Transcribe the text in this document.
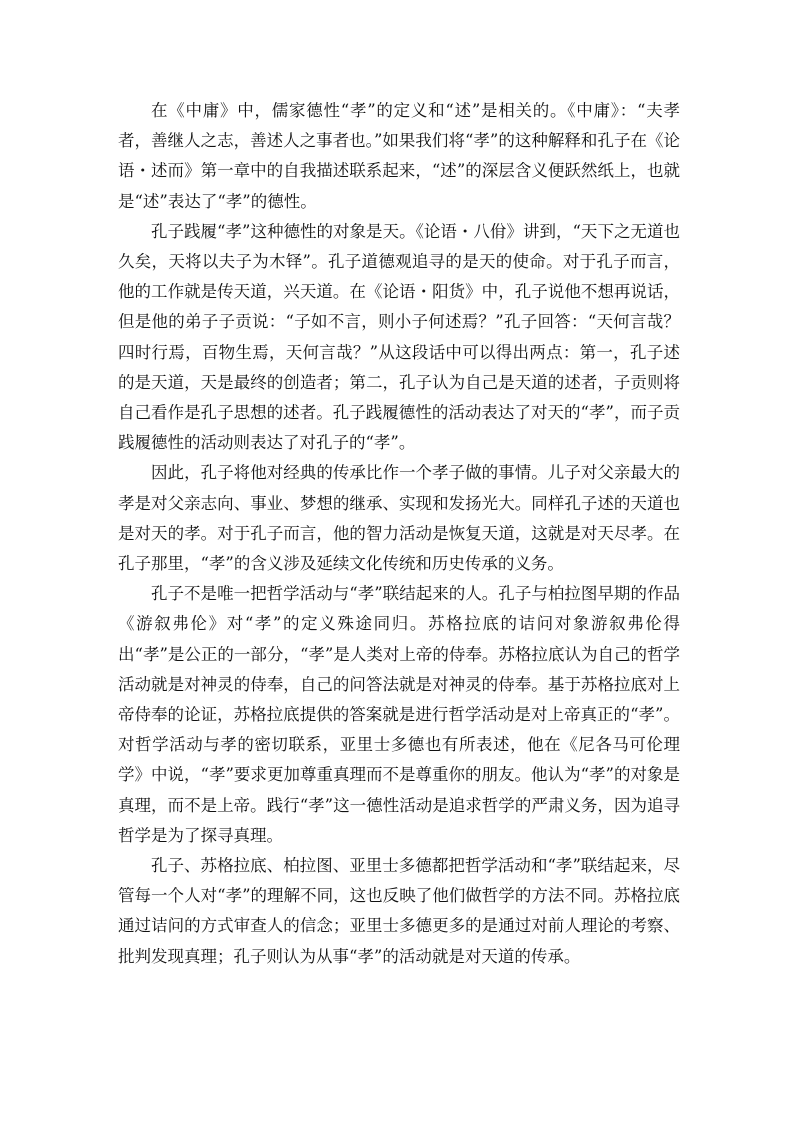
在《中庸》中，儒家德性“孝”的定义和“述”是相关的。《中庸》：“夫孝者，善继人之志，善述人之事者也。”如果我们将“孝”的这种解释和孔子在《论语・述而》第一章中的自我描述联系起来，“述”的深层含义便跃然纸上，也就是“述”表达了“孝”的德性。

孔子践履“孝”这种德性的对象是天。《论语・八佾》讲到，“天下之无道也久矣，天将以夫子为木铎”。孔子道德观追寻的是天的使命。对于孔子而言，他的工作就是传天道，兴天道。在《论语・阳货》中，孔子说他不想再说话，但是他的弟子子贡说：“子如不言，则小子何述焉？”孔子回答：“天何言哉？四时行焉，百物生焉，天何言哉？”从这段话中可以得出两点：第一，孔子述的是天道，天是最终的创造者；第二，孔子认为自己是天道的述者，子贡则将自己看作是孔子思想的述者。孔子践履德性的活动表达了对天的“孝”，而子贡践履德性的活动则表达了对孔子的“孝”。

因此，孔子将他对经典的传承比作一个孝子做的事情。儿子对父亲最大的孝是对父亲志向、事业、梦想的继承、实现和发扬光大。同样孔子述的天道也是对天的孝。对于孔子而言，他的智力活动是恢复天道，这就是对天尽孝。在孔子那里，“孝”的含义涉及延续文化传统和历史传承的义务。

孔子不是唯一把哲学活动与“孝”联结起来的人。孔子与柏拉图早期的作品《游叙弗伦》对“孝”的定义殊途同归。苏格拉底的诘问对象游叙弗伦得出“孝”是公正的一部分，“孝”是人类对上帝的侍奉。苏格拉底认为自己的哲学活动就是对神灵的侍奉，自己的问答法就是对神灵的侍奉。基于苏格拉底对上帝侍奉的论证，苏格拉底提供的答案就是进行哲学活动是对上帝真正的“孝”。对哲学活动与孝的密切联系，亚里士多德也有所表述，他在《尼各马可伦理学》中说，“孝”要求更加尊重真理而不是尊重你的朋友。他认为“孝”的对象是真理，而不是上帝。践行“孝”这一德性活动是追求哲学的严肃义务，因为追寻哲学是为了探寻真理。

孔子、苏格拉底、柏拉图、亚里士多德都把哲学活动和“孝”联结起来，尽管每一个人对“孝”的理解不同，这也反映了他们做哲学的方法不同。苏格拉底通过诘问的方式审查人的信念；亚里士多德更多的是通过对前人理论的考察、批判发现真理；孔子则认为从事“孝”的活动就是对天道的传承。
